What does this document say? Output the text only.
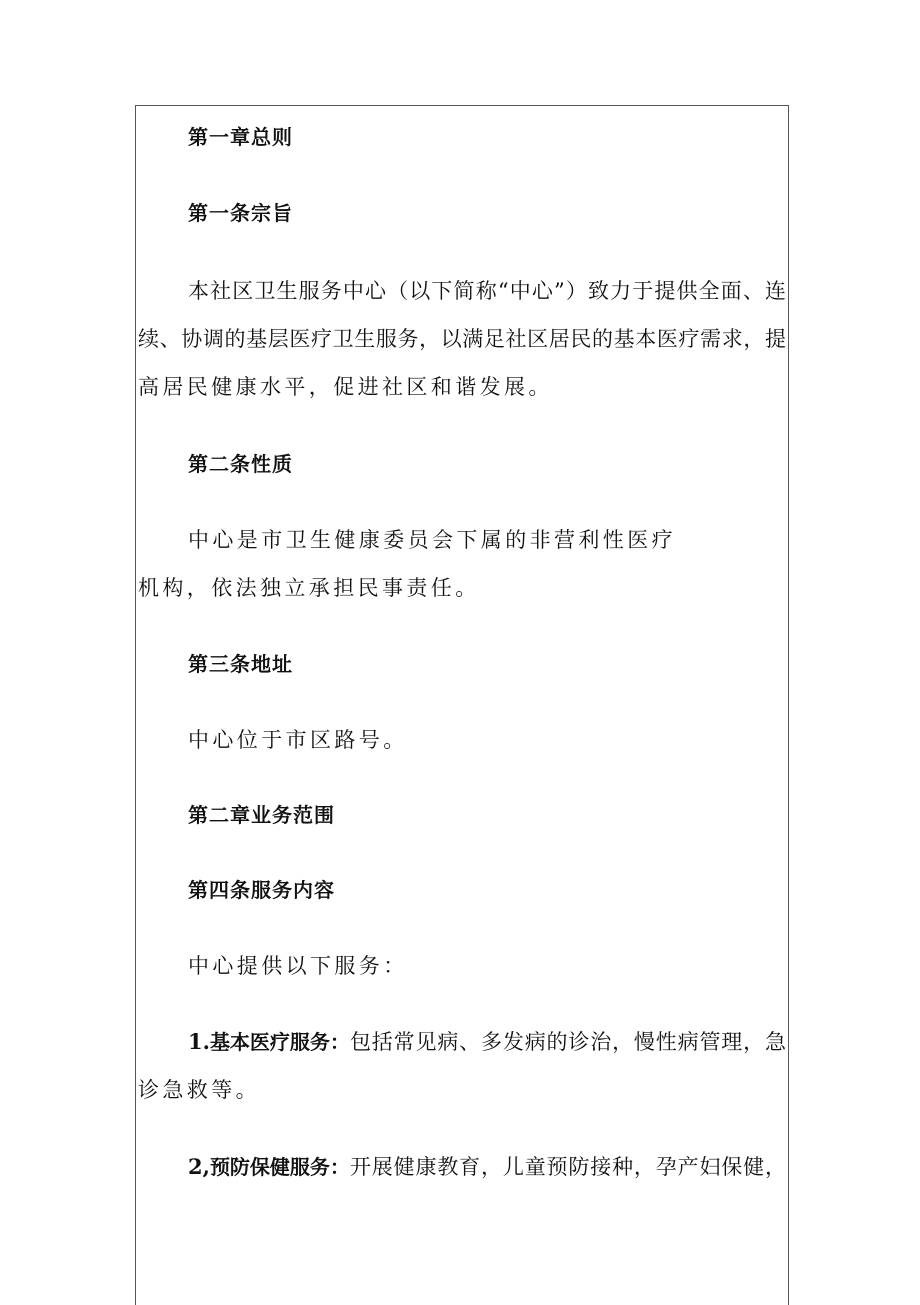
第一章总则
第一条宗旨
本社区卫生服务中心（以下简称“中心”）致力于提供全面、连
续、协调的基层医疗卫生服务，以满足社区居民的基本医疗需求，提
高居民健康水平，促进社区和谐发展。
第二条性质
中心是市卫生健康委员会下属的非营利性医疗
机构，依法独立承担民事责任。
第三条地址
中心位于市区路号。
第二章业务范围
第四条服务内容
中心提供以下服务：
1. 基本医疗服务： 包括常见病、多发病的诊治，慢性病管理，急
诊急救等。
2, 预防保健服务： 开展健康教育，儿童预防接种，孕产妇保健，
